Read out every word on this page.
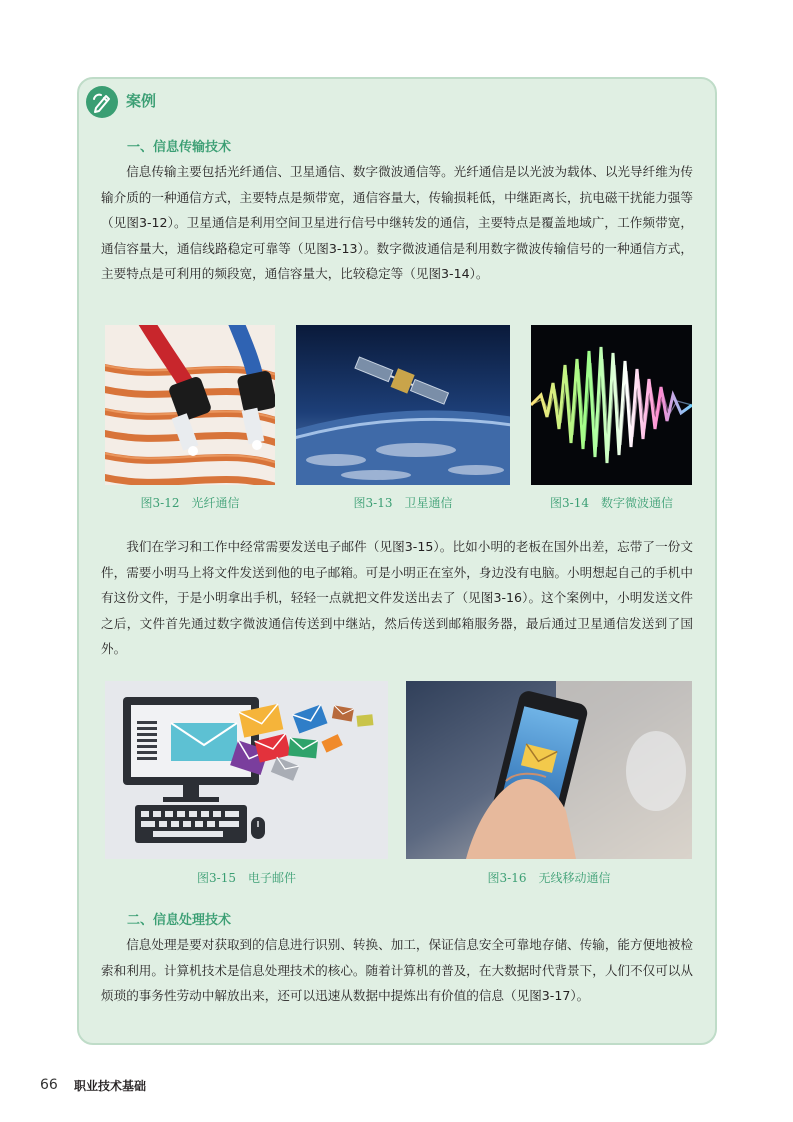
案例
一、信息传输技术

信息传输主要包括光纤通信、卫星通信、数字微波通信等。光纤通信是以光波为载体、以光导纤维为传输介质的一种通信方式，主要特点是频带宽，通信容量大，传输损耗低，中继距离长，抗电磁干扰能力强等（见图3-12）。卫星通信是利用空间卫星进行信号中继转发的通信，主要特点是覆盖地域广，工作频带宽，通信容量大，通信线路稳定可靠等（见图3-13）。数字微波通信是利用数字微波传输信号的一种通信方式，主要特点是可利用的频段宽，通信容量大，比较稳定等（见图3-14）。

图3-12 光纤通信	图3-13 卫星通信	图3-14 数字微波通信

我们在学习和工作中经常需要发送电子邮件（见图3-15）。比如小明的老板在国外出差，忘带了一份文件，需要小明马上将文件发送到他的电子邮箱。可是小明正在室外，身边没有电脑。小明想起自己的手机中有这份文件，于是小明拿出手机，轻轻一点就把文件发送出去了（见图3-16）。这个案例中，小明发送文件之后，文件首先通过数字微波通信传送到中继站，然后传送到邮箱服务器，最后通过卫星通信发送到了国外。

图3-15 电子邮件	图3-16 无线移动通信
二、信息处理技术

信息处理是要对获取到的信息进行识别、转换、加工，保证信息安全可靠地存储、传输，能方便地被检索和利用。计算机技术是信息处理技术的核心。随着计算机的普及，在大数据时代背景下，人们不仅可以从烦琐的事务性劳动中解放出来，还可以迅速从数据中提炼出有价值的信息（见图3-17）。

66 职业技术基础
